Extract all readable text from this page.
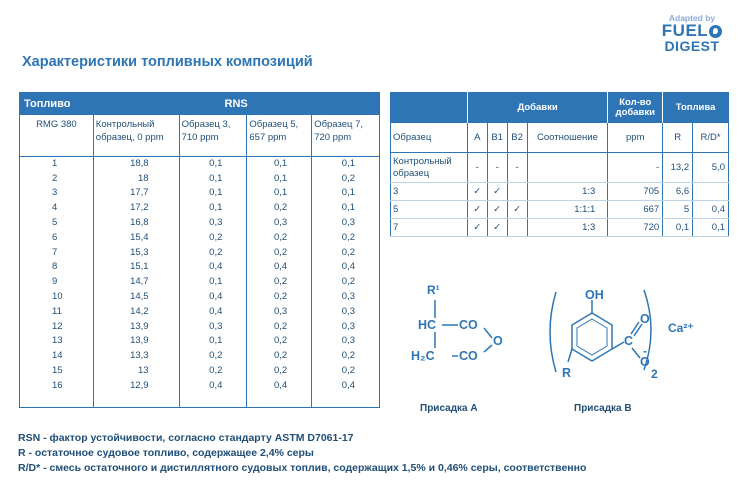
Adapted by
FUEL
DIGEST
Характеристики топливных композиций
Топливо	RNS			
RMG 380	Контрольный образец, 0 ppm	Образец 3, 710 ppm	Образец 5, 657 ppm	Образец 7, 720 ppm
1	18,8	0,1	0,1	0,1
2	18	0,1	0,1	0,2
3	17,7	0,1	0,1	0,1
4	17,2	0,1	0,2	0,1
5	16,8	0,3	0,3	0,3
6	15,4	0,2	0,2	0,2
7	15,3	0,2	0,2	0,2
8	15,1	0,4	0,4	0,4
9	14,7	0,1	0,2	0,2
10	14,5	0,4	0,2	0,3
11	14,2	0,4	0,3	0,3
12	13,9	0,3	0,2	0,3
13	13,9	0,1	0,2	0,3
14	13,3	0,2	0,2	0,2
15	13	0,2	0,2	0,2
16	12,9	0,4	0,4	0,4

	Добавки				Кол-во добавки	Топлива	
Образец	A	B1	B2	Соотношение	ppm	R	R/D*
Контрольный образец	-	-	-		-	13,2	5,0
3	✓	✓		1:3	705	6,6	
5	✓	✓	✓	1:1:1	667	5	0,4
7	✓	✓		1:3	720	0,1	0,1
R¹
HC CO
O
H₂C CO
Присадка А
OH
O
C
O
-
R	2
Ca²⁺
Присадка В
RSN - фактор устойчивости, согласно стандарту ASTM D7061-17
R - остаточное судовое топливо, содержащее 2,4% серы
R/D* - смесь остаточного и дистиллятного судовых топлив, содержащих 1,5% и 0,46% серы, соответственно
